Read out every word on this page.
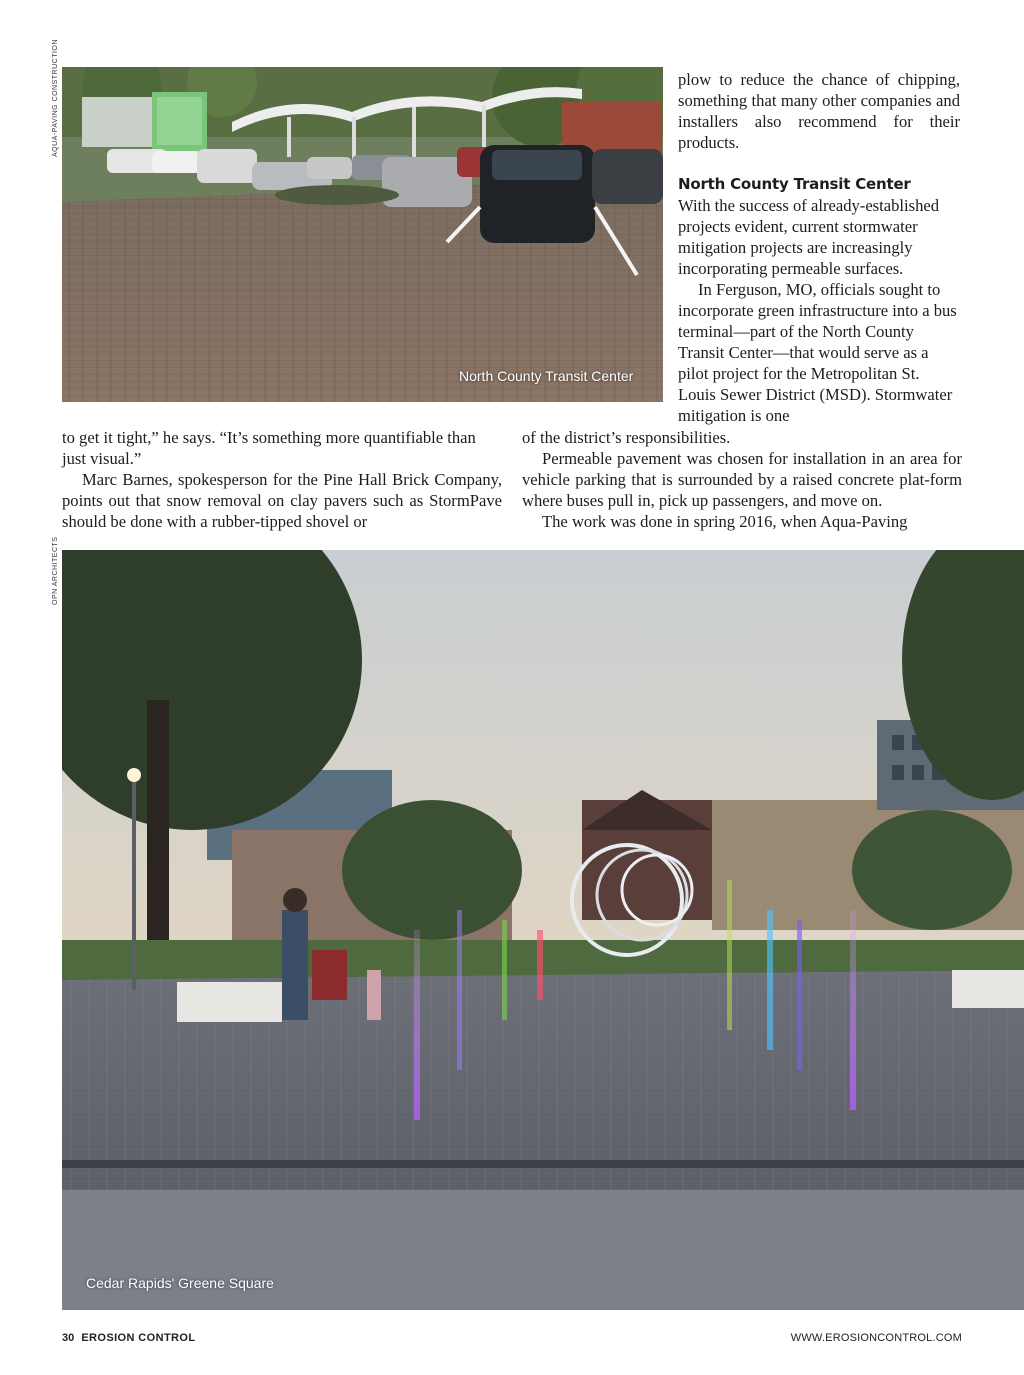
AQUA-PAVING CONSTRUCTION
North County Transit Center

plow to reduce the chance of chipping, something that many other companies and installers also recommend for their products.

North County Transit Center

With the success of already-established projects evident, current stormwater mitigation projects are increasingly incorporating permeable surfaces.

In Ferguson, MO, officials sought to incorporate green infrastructure into a bus terminal—part of the North County Transit Center—that would serve as a pilot project for the Metropolitan St. Louis Sewer District (MSD). Stormwater mitigation is one

to get it tight,” he says. “It’s something more quantifiable than just visual.”

Marc Barnes, spokesperson for the Pine Hall Brick Company, points out that snow removal on clay pavers such as StormPave should be done with a rubber-tipped shovel or

of the district’s responsibilities.

Permeable pavement was chosen for installation in an area for vehicle parking that is surrounded by a raised concrete plat-form where buses pull in, pick up passengers, and move on.

The work was done in spring 2016, when Aqua-Paving

OPN ARCHITECTS
Cedar Rapids' Greene Square
30 EROSION CONTROL	WWW.EROSIONCONTROL.COM
